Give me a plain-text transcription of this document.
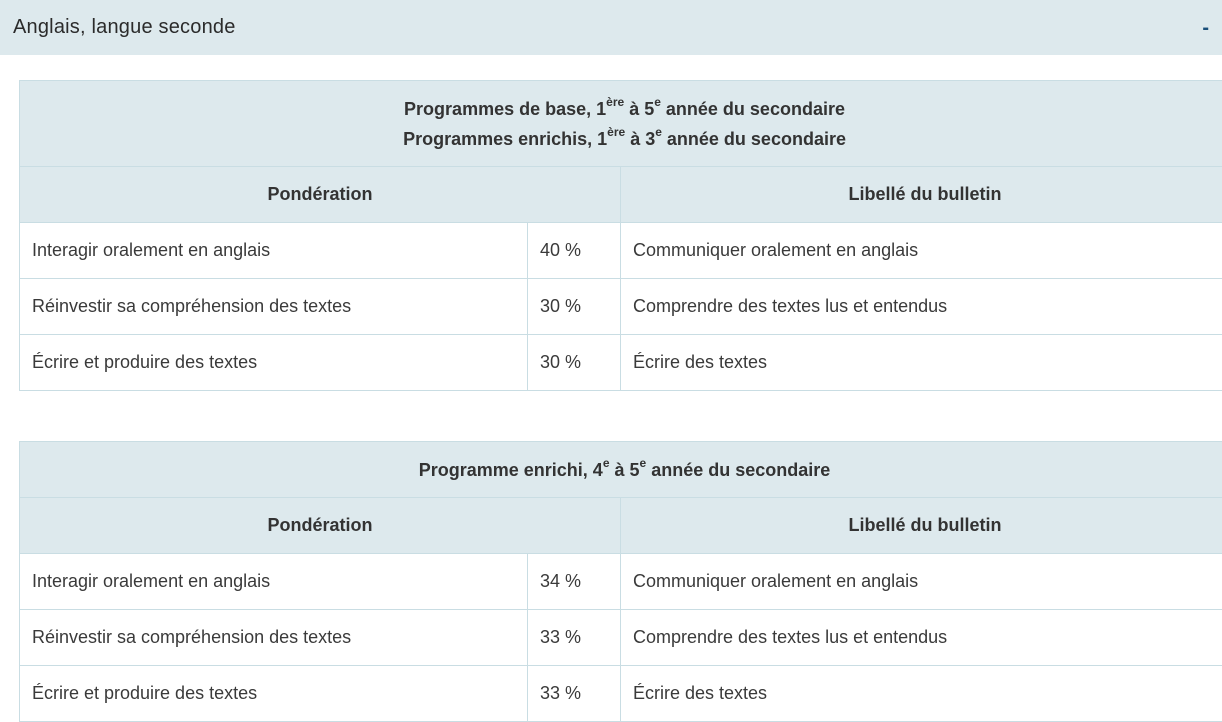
Anglais, langue seconde	-
Programmes de base, 1ère à 5e année du secondaire
Programmes enrichis, 1ère à 3e année du secondaire		

Pondération		Libellé du bulletin
Interagir oralement en anglais	40 %	Communiquer oralement en anglais
Réinvestir sa compréhension des textes	30 %	Comprendre des textes lus et entendus
Écrire et produire des textes	30 %	Écrire des textes
Programme enrichi, 4e à 5e année du secondaire		

Pondération		Libellé du bulletin
Interagir oralement en anglais	34 %	Communiquer oralement en anglais
Réinvestir sa compréhension des textes	33 %	Comprendre des textes lus et entendus
Écrire et produire des textes	33 %	Écrire des textes
